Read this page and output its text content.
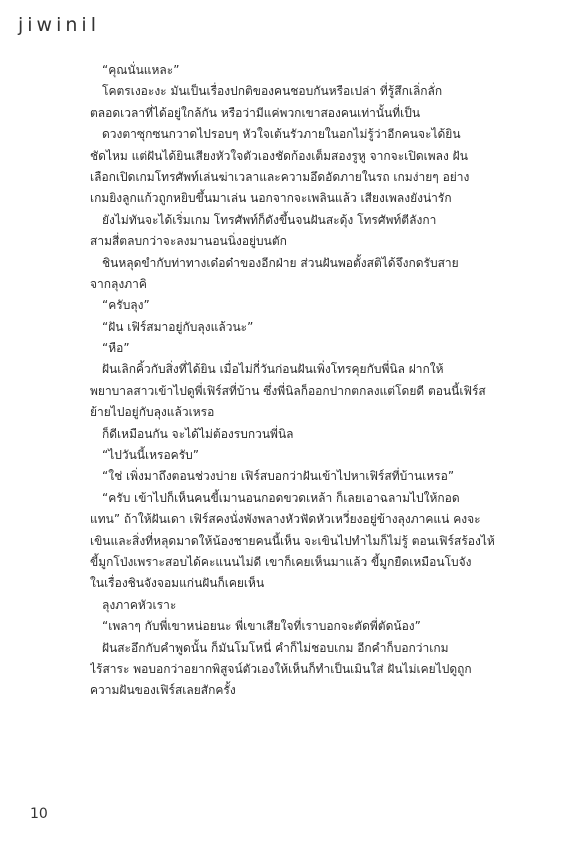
jiwinil
“คุณนั่นแหละ”
โคตรเงอะงะ มันเป็นเรื่องปกติของคนชอบกันหรือเปล่า ที่รู้สึกเลิ่กลั่ก
ตลอดเวลาที่ได้อยู่ใกล้กัน หรือว่ามีแค่พวกเขาสองคนเท่านั้นที่เป็น
ดวงตาซุกซนกวาดไปรอบๆ หัวใจเต้นรัวภายในอกไม่รู้ว่าอีกคนจะได้ยิน
ชัดไหม แต่ฝันได้ยินเสียงหัวใจตัวเองชัดก้องเต็มสองรูหู จากจะเปิดเพลง ฝัน
เลือกเปิดเกมโทรศัพท์เล่นฆ่าเวลาและความอึดอัดภายในรถ เกมง่ายๆ อย่าง
เกมยิงลูกแก้วถูกหยิบขึ้นมาเล่น นอกจากจะเพลินแล้ว เสียงเพลงยังน่ารัก
ยังไม่ทันจะได้เริ่มเกม โทรศัพท์ก็ดังขึ้นจนฝันสะดุ้ง โทรศัพท์ตีลังกา
สามสี่ตลบกว่าจะลงมานอนนิ่งอยู่บนตัก
ชินหลุดขำกับท่าทางเด๋อด๋าของอีกฝ่าย ส่วนฝันพอตั้งสติได้จึงกดรับสาย
จากลุงภาคิ
“ครับลุง”
“ฝัน เฟิร์สมาอยู่กับลุงแล้วนะ”
“หือ”
ฝันเลิกคิ้วกับสิ่งที่ได้ยิน เมื่อไม่กี่วันก่อนฝันเพิ่งโทรคุยกับพี่นิล ฝากให้
พยาบาลสาวเข้าไปดูพี่เฟิร์สที่บ้าน ซึ่งพี่นิลก็ออกปากตกลงแต่โดยดี ตอนนี้เฟิร์ส
ย้ายไปอยู่กับลุงแล้วเหรอ
ก็ดีเหมือนกัน จะได้ไม่ต้องรบกวนพี่นิล
“ไปวันนี้เหรอครับ”
“ใช่ เพิ่งมาถึงตอนช่วงบ่าย เฟิร์สบอกว่าฝันเข้าไปหาเฟิร์สที่บ้านเหรอ”
“ครับ เข้าไปก็เห็นคนขี้เมานอนกอดขวดเหล้า ก็เลยเอาฉลามไปให้กอด
แทน” ถ้าให้ฝันเดา เฟิร์สคงนั่งพังพลางหัวฟัดหัวเหวี่ยงอยู่ข้างลุงภาคแน่ คงจะ
เขินและสิ่งที่หลุดมาดให้น้องชายคนนี้เห็น จะเขินไปทำไมก็ไม่รู้ ตอนเฟิร์สร้องไห้
ขี้มูกโป่งเพราะสอบได้คะแนนไม่ดี เขาก็เคยเห็นมาแล้ว ขี้มูกยืดเหมือนโบจัง
ในเรื่องชินจังจอมแก่นฝันก็เคยเห็น
ลุงภาคหัวเราะ
“เพลาๆ กับพี่เขาหน่อยนะ พี่เขาเสียใจที่เราบอกจะตัดพี่ตัดน้อง”
ฝันสะอึกกับคำพูดนั้น ก็มันโมโหนี่ คำก็ไม่ชอบเกม อีกคำก็บอกว่าเกม
ไร้สาระ พอบอกว่าอยากพิสูจน์ตัวเองให้เห็นก็ทำเป็นเมินใส่ ฝันไม่เคยไปดูถูก
ความฝันของเฟิร์สเลยสักครั้ง
10
